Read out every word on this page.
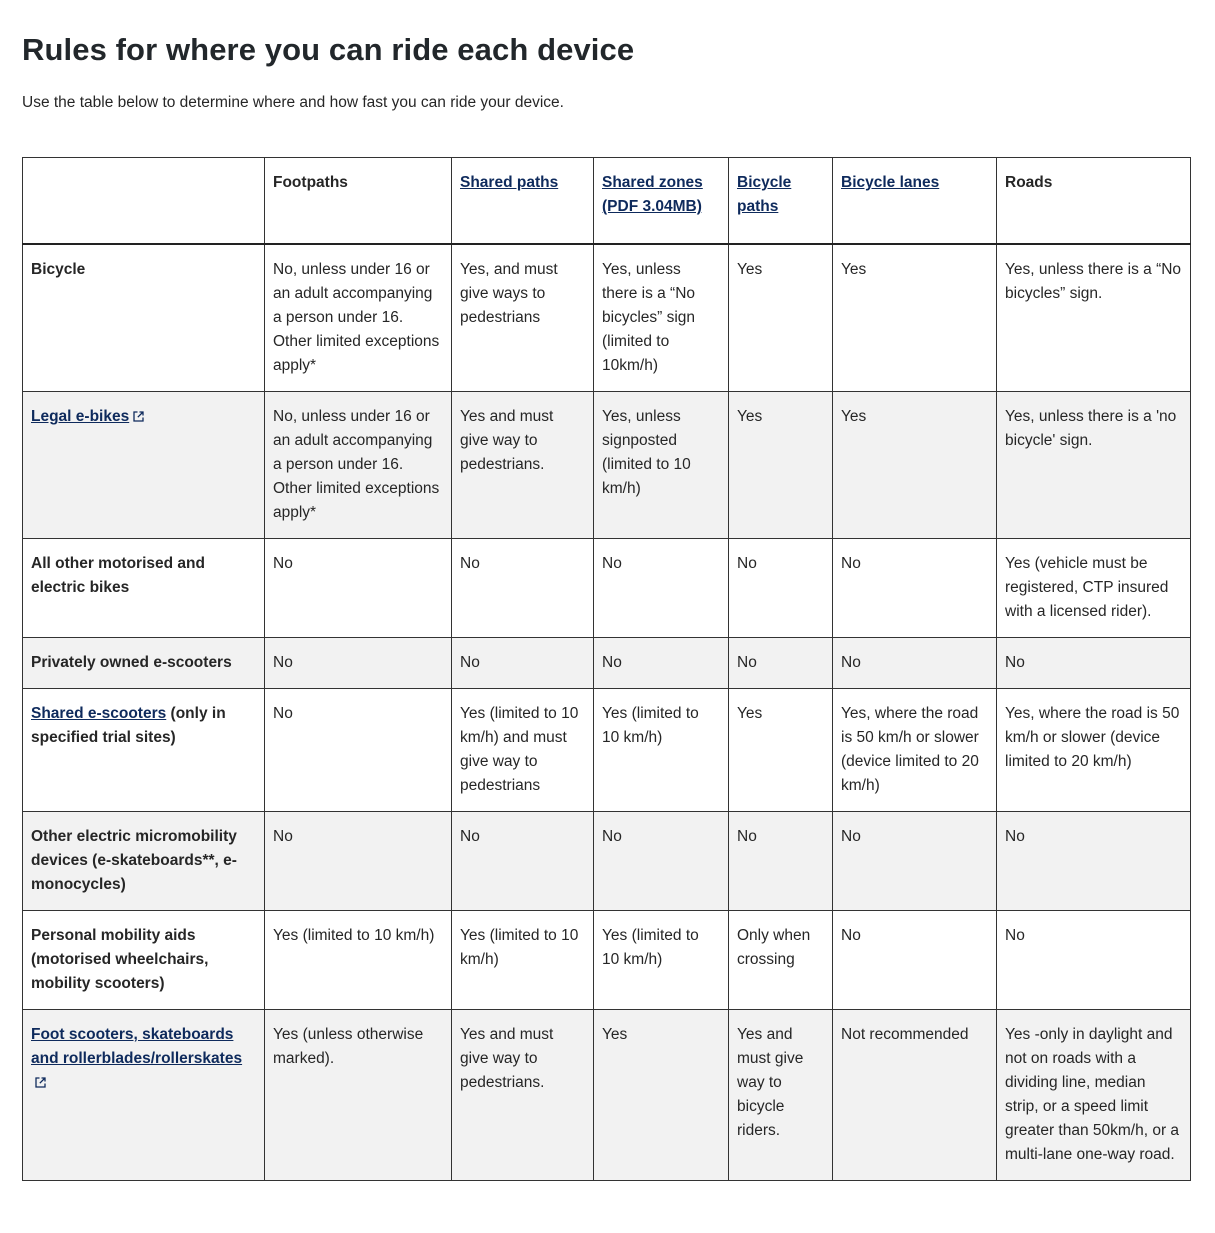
Rules for where you can ride each device

Use the table below to determine where and how fast you can ride your device.

	Footpaths	Shared paths	Shared zones (PDF 3.04MB)	Bicycle paths	Bicycle lanes	Roads
Bicycle	No, unless under 16 or an adult accompanying a person under 16. Other limited exceptions apply*	Yes, and must give ways to pedestrians	Yes, unless there is a “No bicycles” sign (limited to 10km/h)	Yes	Yes	Yes, unless there is a “No bicycles” sign.
Legal e-bikes	No, unless under 16 or an adult accompanying a person under 16. Other limited exceptions apply*	Yes and must give way to pedestrians.	Yes, unless signposted (limited to 10 km/h)	Yes	Yes	Yes, unless there is a 'no bicycle' sign.
All other motorised and electric bikes	No	No	No	No	No	Yes (vehicle must be registered, CTP insured with a licensed rider).
Privately owned e-scooters	No	No	No	No	No	No
Shared e-scooters (only in specified trial sites)	No	Yes (limited to 10 km/h) and must give way to pedestrians	Yes (limited to 10 km/h)	Yes	Yes, where the road is 50 km/h or slower (device limited to 20 km/h)	Yes, where the road is 50 km/h or slower (device limited to 20 km/h)
Other electric micromobility devices (e-skateboards**, e-monocycles)	No	No	No	No	No	No
Personal mobility aids (motorised wheelchairs, mobility scooters)	Yes (limited to 10 km/h)	Yes (limited to 10 km/h)	Yes (limited to 10 km/h)	Only when crossing	No	No
Foot scooters, skateboards and rollerblades/rollerskates	Yes (unless otherwise marked).	Yes and must give way to pedestrians.	Yes	Yes and must give way to bicycle riders.	Not recommended	Yes -only in daylight and not on roads with a dividing line, median strip, or a speed limit greater than 50km/h, or a multi-lane one-way road.
